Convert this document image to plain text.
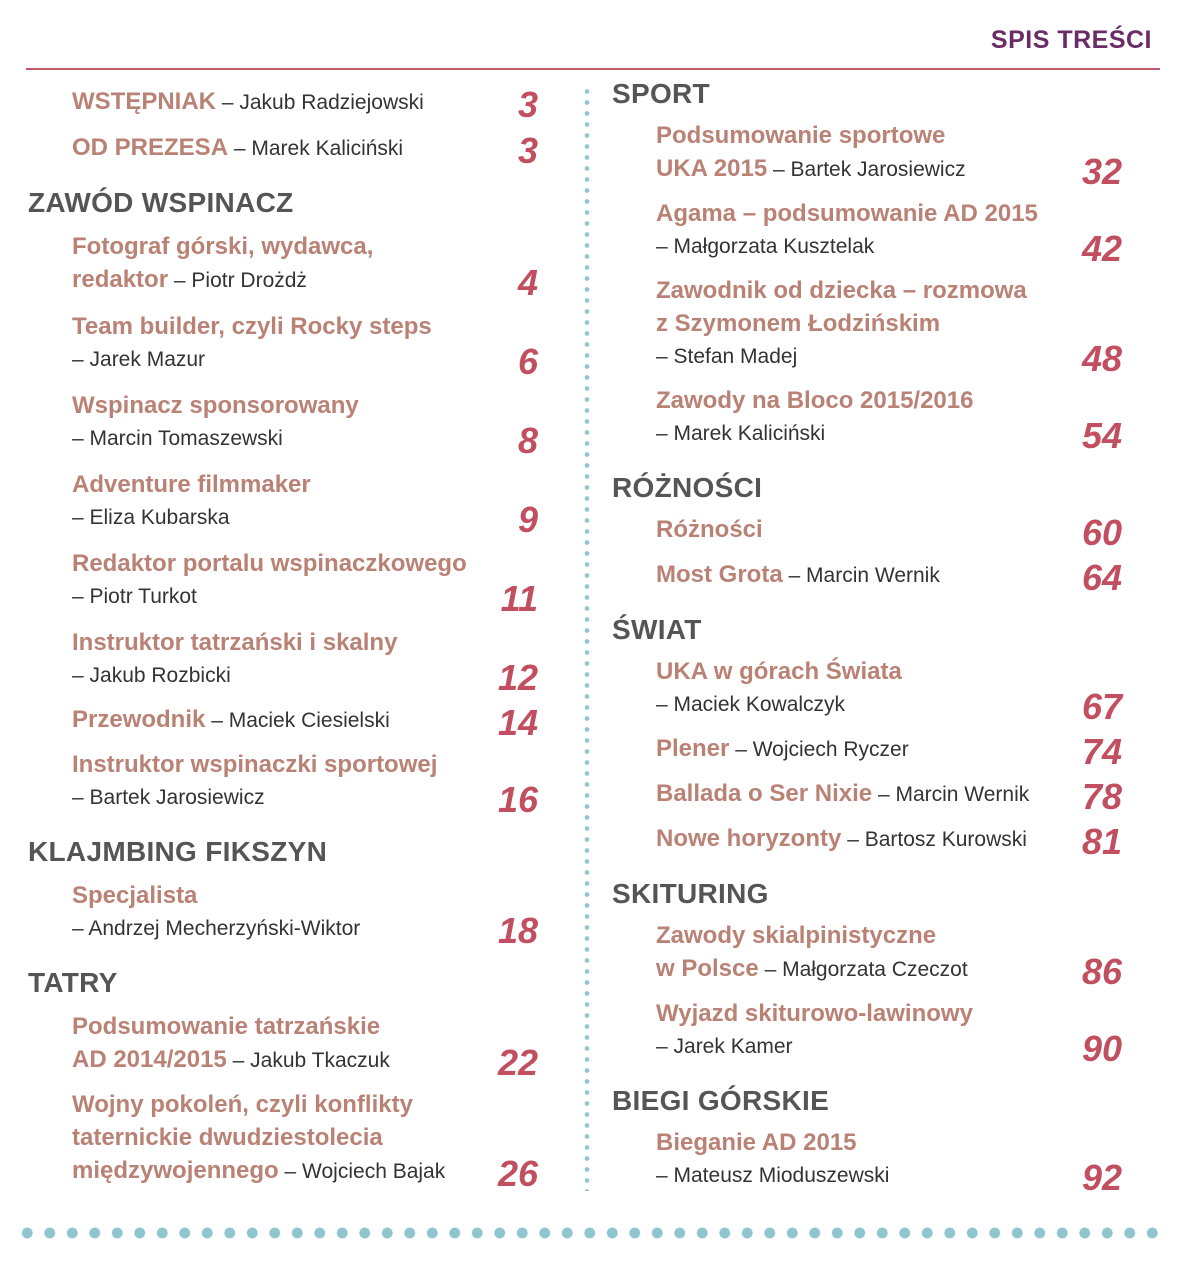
SPIS TREŚCI
WSTĘPNIAK – Jakub Radziejowski	3
OD PREZESA – Marek Kaliciński	3
ZAWÓD WSPINACZ
Fotograf górski, wydawca,
redaktor – Piotr Drożdż	4
Team builder, czyli Rocky steps
– Jarek Mazur	6
Wspinacz sponsorowany
– Marcin Tomaszewski	8
Adventure filmmaker
– Eliza Kubarska	9
Redaktor portalu wspinaczkowego
– Piotr Turkot	11
Instruktor tatrzański i skalny
– Jakub Rozbicki	12
Przewodnik – Maciek Ciesielski	14
Instruktor wspinaczki sportowej
– Bartek Jarosiewicz	16
KLAJMBING FIKSZYN
Specjalista
– Andrzej Mecherzyński-Wiktor	18
TATRY
Podsumowanie tatrzańskie
AD 2014/2015 – Jakub Tkaczuk	22
Wojny pokoleń, czyli konflikty
taternickie dwudziestolecia
międzywojennego – Wojciech Bajak	26
SPORT
Podsumowanie sportowe
UKA 2015 – Bartek Jarosiewicz	32
Agama – podsumowanie AD 2015
– Małgorzata Kusztelak	42
Zawodnik od dziecka – rozmowa
z Szymonem Łodzińskim
– Stefan Madej	48
Zawody na Bloco 2015/2016
– Marek Kaliciński	54
RÓŻNOŚCI
Różności	60
Most Grota – Marcin Wernik	64
ŚWIAT
UKA w górach Świata
– Maciek Kowalczyk	67
Plener – Wojciech Ryczer	74
Ballada o Ser Nixie – Marcin Wernik 78
Nowe horyzonty – Bartosz Kurowski 81
SKITURING
Zawody skialpinistyczne
w Polsce – Małgorzata Czeczot	86
Wyjazd skiturowo-lawinowy
– Jarek Kamer	90
BIEGI GÓRSKIE
Bieganie AD 2015
– Mateusz Mioduszewski	92
